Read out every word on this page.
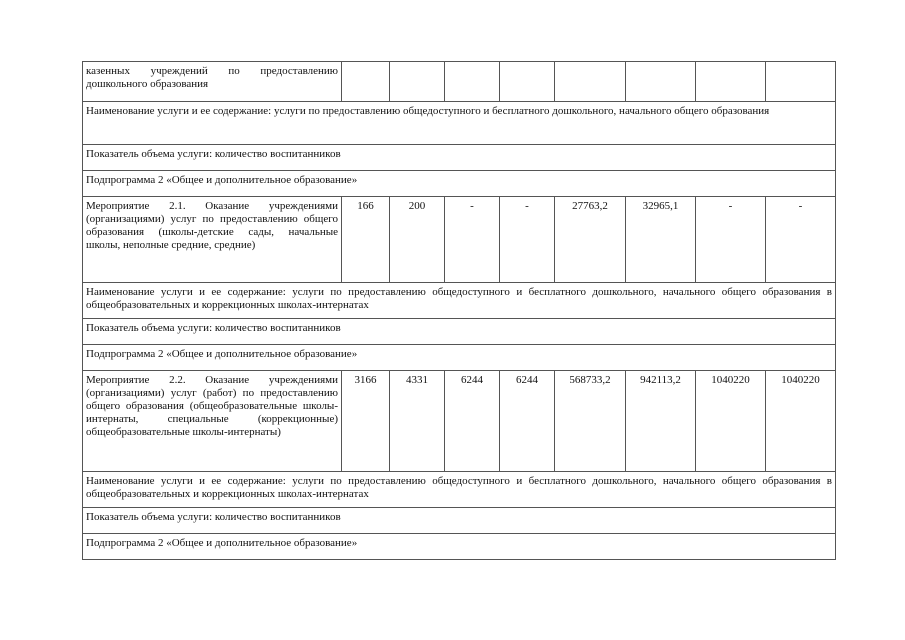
казенных учреждений по предоставлению дошкольного образования								
Наименование услуги и ее содержание: услуги по предоставлению общедоступного и бесплатного дошкольного, начального общего образования								
Показатель объема услуги: количество воспитанников								
Подпрограмма 2 «Общее и дополнительное образование»								
Мероприятие 2.1. Оказание учреждениями (организациями) услуг по предоставлению общего образования (школы-детские сады, начальные школы, неполные средние, средние)	166	200	-	-	27763,2	32965,1	-	-
Наименование услуги и ее содержание: услуги по предоставлению общедоступного и бесплатного дошкольного, начального общего образования в общеобразовательных и коррекционных школах-интернатах								
Показатель объема услуги: количество воспитанников								
Подпрограмма 2 «Общее и дополнительное образование»								
Мероприятие 2.2. Оказание учреждениями (организациями) услуг (работ) по предоставлению общего образования (общеобразовательные школы-интернаты, специальные (коррекционные) общеобразовательные школы-интернаты)	3166	4331	6244	6244	568733,2	942113,2	1040220	1040220
Наименование услуги и ее содержание: услуги по предоставлению общедоступного и бесплатного дошкольного, начального общего образования в общеобразовательных и коррекционных школах-интернатах								
Показатель объема услуги: количество воспитанников								
Подпрограмма 2 «Общее и дополнительное образование»								
